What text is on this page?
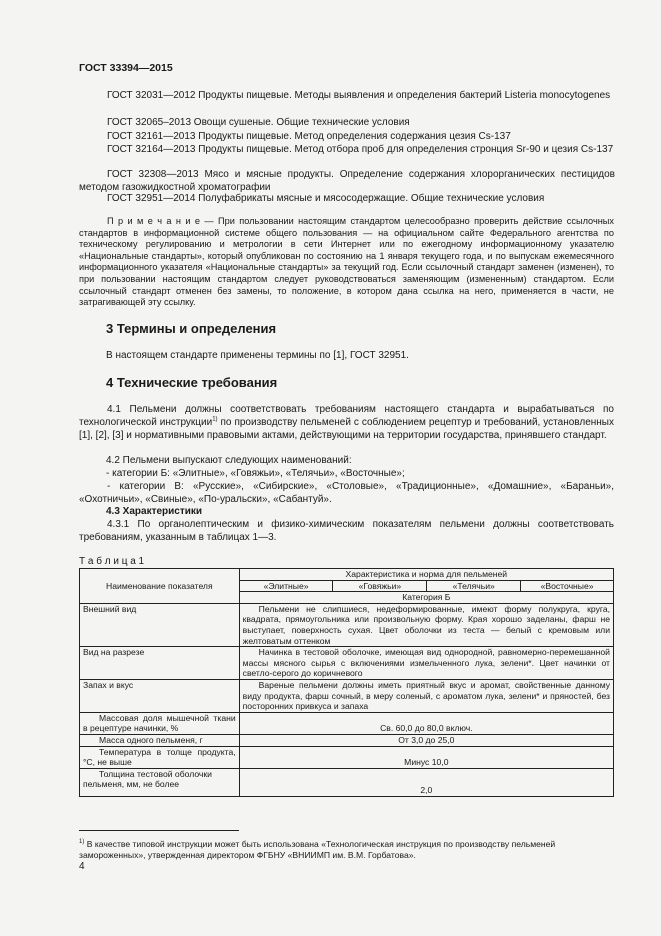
ГОСТ 33394—2015
ГОСТ 32031—2012 Продукты пищевые. Методы выявления и определения бактерий Listeria monocytogenes
ГОСТ 32065–2013 Овощи сушеные. Общие технические условия
ГОСТ 32161—2013 Продукты пищевые. Метод определения содержания цезия Cs-137
ГОСТ 32164—2013 Продукты пищевые. Метод отбора проб для определения стронция Sr-90 и цезия Cs-137
ГОСТ 32308—2013 Мясо и мясные продукты. Определение содержания хлорорганических пестицидов методом газожидкостной хроматографии
ГОСТ 32951—2014 Полуфабрикаты мясные и мясосодержащие. Общие технические условия
П р и м е ч а н и е — При пользовании настоящим стандартом целесообразно проверить действие ссылочных стандартов в информационной системе общего пользования — на официальном сайте Федерального агентства по техническому регулированию и метрологии в сети Интернет или по ежегодному информационному указателю «Национальные стандарты», который опубликован по состоянию на 1 января текущего года, и по выпускам ежемесячного информационного указателя «Национальные стандарты» за текущий год. Если ссылочный стандарт заменен (изменен), то при пользовании настоящим стандартом следует руководствоваться заменяющим (измененным) стандартом. Если ссылочный стандарт отменен без замены, то положение, в котором дана ссылка на него, применяется в части, не затрагивающей эту ссылку.
3 Термины и определения
В настоящем стандарте применены термины по [1], ГОСТ 32951.
4 Технические требования
4.1 Пельмени должны соответствовать требованиям настоящего стандарта и вырабатываться по технологической инструкции$^{1)}$ по производству пельменей с соблюдением рецептур и требований, установленных [1], [2], [3] и нормативными правовыми актами, действующими на территории государства, принявшего стандарт.
4.2 Пельмени выпускают следующих наименований:
- категории Б: «Элитные», «Говяжьи», «Телячьи», «Восточные»;
- категории В: «Русские», «Сибирские», «Столовые», «Традиционные», «Домашние», «Бараньи», «Охотничьи», «Свиные», «По-уральски», «Сабантуй».
4.3 Характеристики
4.3.1 По органолептическим и физико-химическим показателям пельмени должны соответствовать требованиям, указанным в таблицах 1—3.
Т а б л и ц а 1
Наименование показателя	Характеристика и норма для пельменей			
	«Элитные»	«Говяжьи»	«Телячьи»	«Восточные»
	Категория Б			
Внешний вид	Пельмени не слипшиеся, недеформированные, имеют форму полукруга, круга, квадрата, прямоугольника или произвольную форму. Края хорошо заделаны, фарш не выступает, поверхность сухая. Цвет оболочки из теста — белый с кремовым или желтоватым оттенком			
Вид на разрезе	Начинка в тестовой оболочке, имеющая вид однородной, равномерно-перемешанной массы мясного сырья с включениями измельченного лука, зелени*. Цвет начинки от светло-серого до коричневого			
Запах и вкус	Вареные пельмени должны иметь приятный вкус и аромат, свойственные данному виду продукта, фарш сочный, в меру соленый, с ароматом лука, зелени* и пряностей, без посторонних привкуса и запаха			
Массовая доля мышечной ткани в рецептуре начинки, %	Св. 60,0 до 80,0 включ.			
Масса одного пельменя, г	От 3,0 до 25,0			
Температура в толще продукта, °С, не выше	Минус 10,0			
Толщина тестовой оболочки пельменя, мм, не более	2,0			
$^{1)}$ В качестве типовой инструкции может быть использована «Технологическая инструкция по производству пельменей замороженных», утвержденная директором ФГБНУ «ВНИИМП им. В.М. Горбатова».
4
